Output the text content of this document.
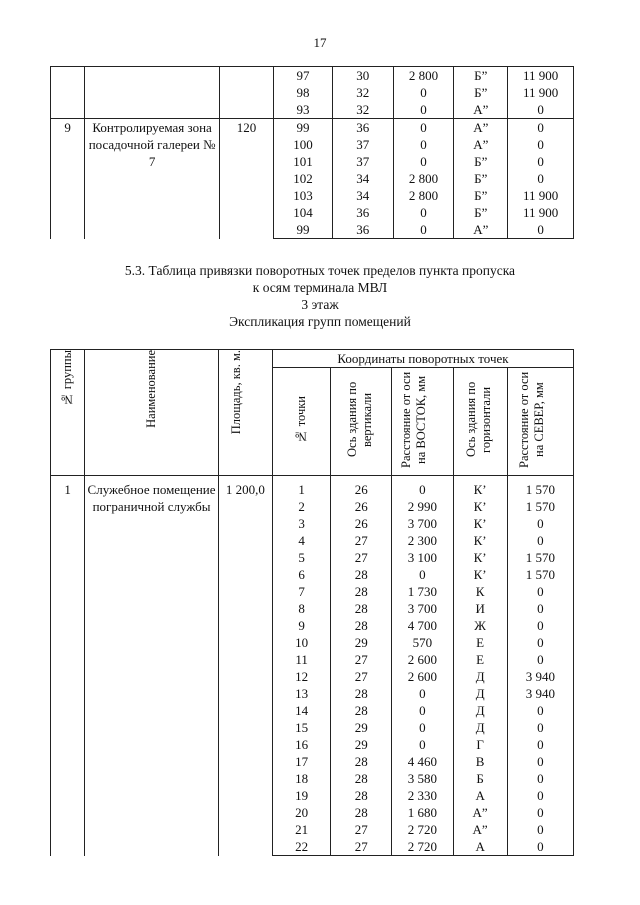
17
			97	30	2 800	Б”	11 900
			98	32	0	Б”	11 900
			93	32	0	А”	0
9	Контролируемая зона посадочной галереи № 7	120	99	36	0	А”	0
			100	37	0	А”	0
			101	37	0	Б”	0
			102	34	2 800	Б”	0
			103	34	2 800	Б”	11 900
			104	36	0	Б”	11 900
			99	36	0	А”	0
5.3. Таблица привязки поворотных точек пределов пункта пропуска
к осям терминала МВЛ
3 этаж
Экспликация групп помещений
№ группы	Наименование	Площадь, кв. м.	Координаты поворотных точек				
			№ точки	Ось здания по вертикали	Расстояние от оси на ВОСТОК, мм	Ось здания по горизонтали	Расстояние от оси на СЕВЕР, мм
1	Служебное помещение пограничной службы	1 200,0	1	26	0	К’	1 570
			2	26	2 990	К’	1 570
			3	26	3 700	К’	0
			4	27	2 300	К’	0
			5	27	3 100	К’	1 570
			6	28	0	К’	1 570
			7	28	1 730	К	0
			8	28	3 700	И	0
			9	28	4 700	Ж	0
			10	29	570	Е	0
			11	27	2 600	Е	0
			12	27	2 600	Д	3 940
			13	28	0	Д	3 940
			14	28	0	Д	0
			15	29	0	Д	0
			16	29	0	Г	0
			17	28	4 460	В	0
			18	28	3 580	Б	0
			19	28	2 330	А	0
			20	28	1 680	А”	0
			21	27	2 720	А”	0
			22	27	2 720	А	0
